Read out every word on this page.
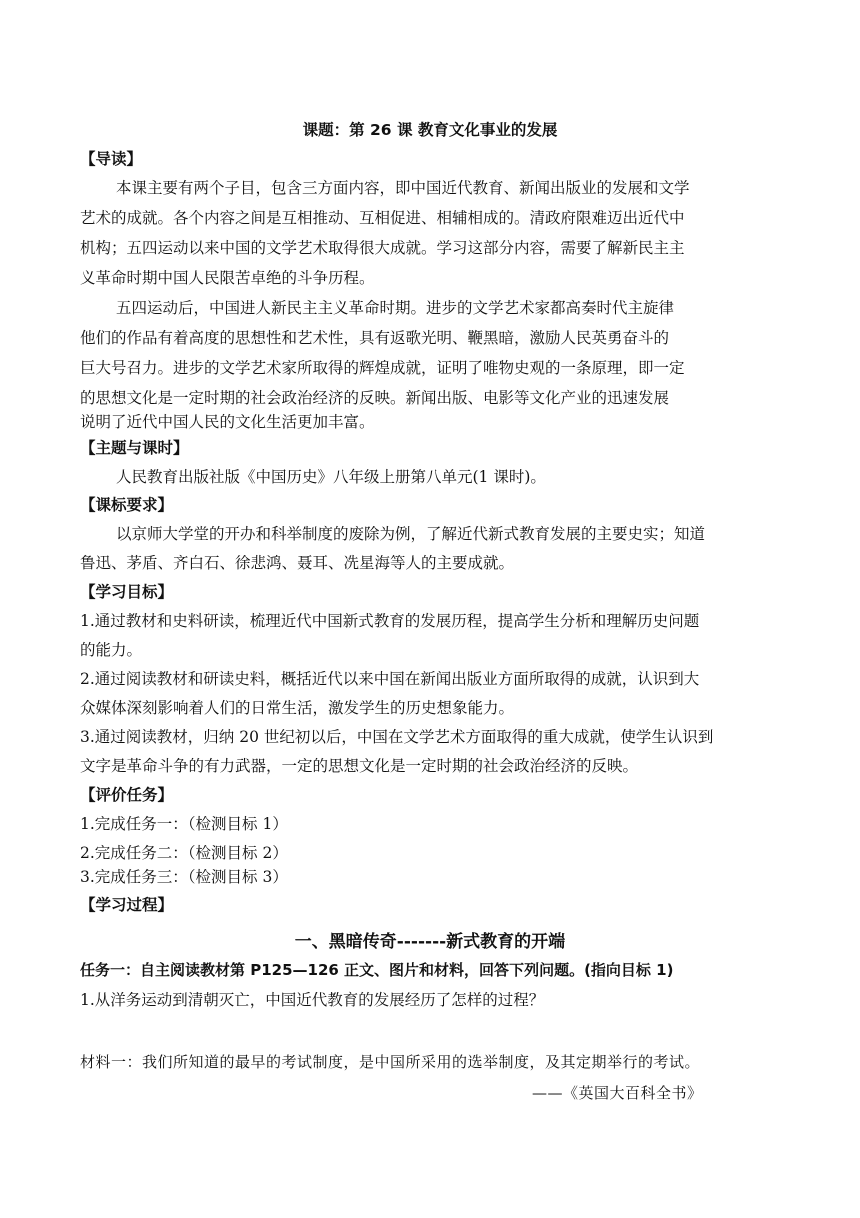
课题：第 26 课 教育文化事业的发展
【导读】
本课主要有两个子目，包含三方面内容，即中国近代教育、新闻出版业的发展和文学
艺术的成就。各个内容之间是互相推动、互相促进、相辅相成的。清政府限难迈出近代中
机构；五四运动以来中国的文学艺术取得很大成就。学习这部分内容，需要了解新民主主
义革命时期中国人民限苦卓绝的斗争历程。
五四运动后，中国进人新民主主义革命时期。进步的文学艺术家都高奏时代主旋律
他们的作品有着高度的思想性和艺术性，具有返歌光明、鞭黑暗，激励人民英勇奋斗的
巨大号召力。进步的文学艺术家所取得的辉煌成就，证明了唯物史观的一条原理，即一定
的思想文化是一定时期的社会政治经济的反映。新闻出版、电影等文化产业的迅速发展
说明了近代中国人民的文化生活更加丰富。
【主题与课时】
人民教育出版社版《中国历史》八年级上册第八单元(1 课时)。
【课标要求】
以京师大学堂的开办和科举制度的废除为例，了解近代新式教育发展的主要史实；知道
鲁迅、茅盾、齐白石、徐悲鸿、聂耳、冼星海等人的主要成就。
【学习目标】
1.通过教材和史料研读，梳理近代中国新式教育的发展历程，提高学生分析和理解历史问题
的能力。
2.通过阅读教材和研读史料，概括近代以来中国在新闻出版业方面所取得的成就，认识到大
众媒体深刻影响着人们的日常生活，激发学生的历史想象能力。
3.通过阅读教材，归纳 20 世纪初以后，中国在文学艺术方面取得的重大成就，使学生认识到
文字是革命斗争的有力武器，一定的思想文化是一定时期的社会政治经济的反映。
【评价任务】
1.完成任务一：（检测目标 1）
2.完成任务二：（检测目标 2）
3.完成任务三：（检测目标 3）
【学习过程】
一、黑暗传奇-------新式教育的开端
任务一：自主阅读教材第 P125—126 正文、图片和材料，回答下列问题。(指向目标 1)
1.从洋务运动到清朝灭亡，中国近代教育的发展经历了怎样的过程？
材料一：我们所知道的最早的考试制度，是中国所采用的选举制度，及其定期举行的考试。
——《英国大百科全书》
